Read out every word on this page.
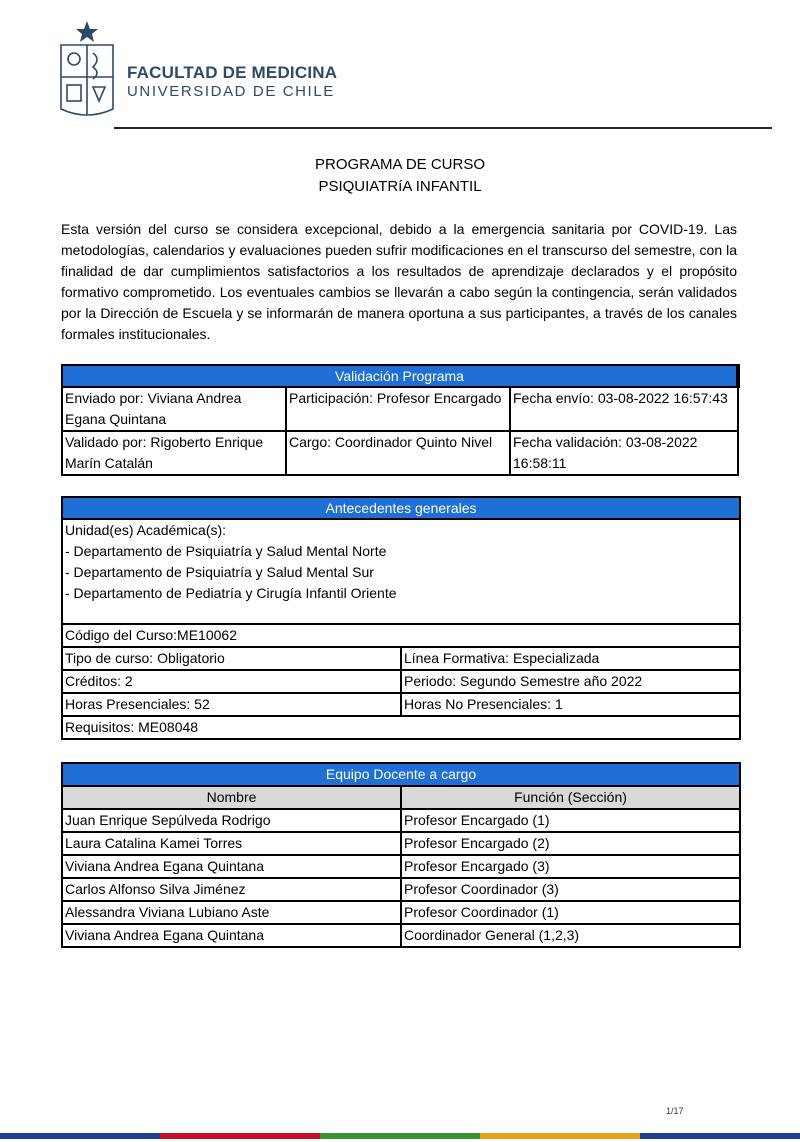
FACULTAD DE MEDICINA
UNIVERSIDAD DE CHILE
PROGRAMA DE CURSO
PSIQUIATRíA INFANTIL
Esta versión del curso se considera excepcional, debido a la emergencia sanitaria por COVID-19. Las metodologías, calendarios y evaluaciones pueden sufrir modificaciones en el transcurso del semestre, con la finalidad de dar cumplimientos satisfactorios a los resultados de aprendizaje declarados y el propósito formativo comprometido. Los eventuales cambios se llevarán a cabo según la contingencia, serán validados por la Dirección de Escuela y se informarán de manera oportuna a sus participantes, a través de los canales formales institucionales.
Validación Programa		
Enviado por: Viviana Andrea Egana Quintana	Participación: Profesor Encargado	Fecha envío: 03-08-2022 16:57:43
Validado por: Rigoberto Enrique Marín Catalán	Cargo: Coordinador Quinto Nivel	Fecha validación: 03-08-2022 16:58:11
Antecedentes generales	

Unidad(es) Académica(s):
- Departamento de Psiquiatría y Salud Mental Norte
- Departamento de Psiquiatría y Salud Mental Sur
- Departamento de Pediatría y Cirugía Infantil Oriente	

Código del Curso:ME10062	
Tipo de curso: Obligatorio	Línea Formativa: Especializada
Créditos: 2	Periodo: Segundo Semestre año 2022
Horas Presenciales: 52	Horas No Presenciales: 1
Requisitos: ME08048	
Equipo Docente a cargo	
Nombre	Función (Sección)
Juan Enrique Sepúlveda Rodrigo	Profesor Encargado (1)
Laura Catalina Kamei Torres	Profesor Encargado (2)
Viviana Andrea Egana Quintana	Profesor Encargado (3)
Carlos Alfonso Silva Jiménez	Profesor Coordinador (3)
Alessandra Viviana Lubiano Aste	Profesor Coordinador (1)
Viviana Andrea Egana Quintana	Coordinador General (1,2,3)
1/17
